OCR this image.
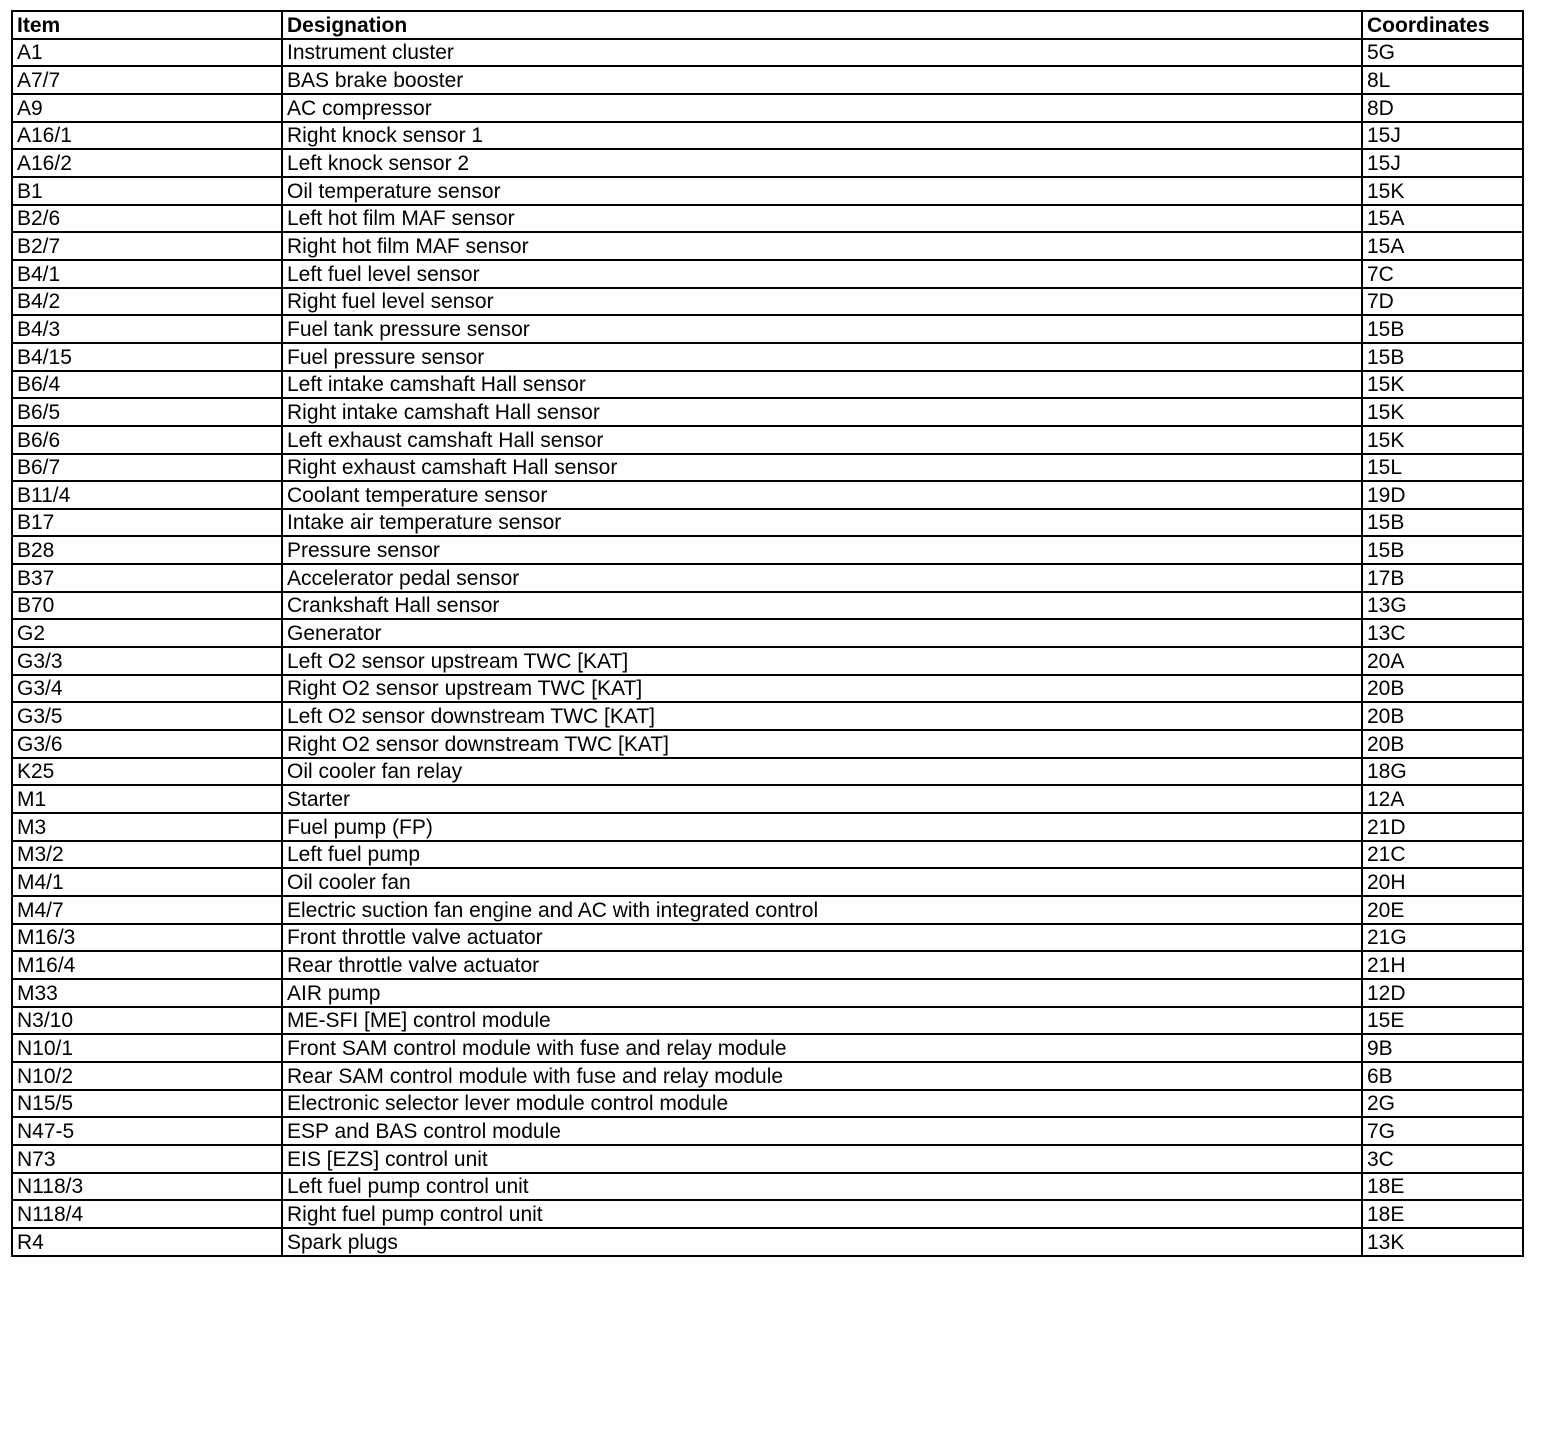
Item	Designation	Coordinates
A1	Instrument cluster	5G
A7/7	BAS brake booster	8L
A9	AC compressor	8D
A16/1	Right knock sensor 1	15J
A16/2	Left knock sensor 2	15J
B1	Oil temperature sensor	15K
B2/6	Left hot film MAF sensor	15A
B2/7	Right hot film MAF sensor	15A
B4/1	Left fuel level sensor	7C
B4/2	Right fuel level sensor	7D
B4/3	Fuel tank pressure sensor	15B
B4/15	Fuel pressure sensor	15B
B6/4	Left intake camshaft Hall sensor	15K
B6/5	Right intake camshaft Hall sensor	15K
B6/6	Left exhaust camshaft Hall sensor	15K
B6/7	Right exhaust camshaft Hall sensor	15L
B11/4	Coolant temperature sensor	19D
B17	Intake air temperature sensor	15B
B28	Pressure sensor	15B
B37	Accelerator pedal sensor	17B
B70	Crankshaft Hall sensor	13G
G2	Generator	13C
G3/3	Left O2 sensor upstream TWC [KAT]	20A
G3/4	Right O2 sensor upstream TWC [KAT]	20B
G3/5	Left O2 sensor downstream TWC [KAT]	20B
G3/6	Right O2 sensor downstream TWC [KAT]	20B
K25	Oil cooler fan relay	18G
M1	Starter	12A
M3	Fuel pump (FP)	21D
M3/2	Left fuel pump	21C
M4/1	Oil cooler fan	20H
M4/7	Electric suction fan engine and AC with integrated control	20E
M16/3	Front throttle valve actuator	21G
M16/4	Rear throttle valve actuator	21H
M33	AIR pump	12D
N3/10	ME-SFI [ME] control module	15E
N10/1	Front SAM control module with fuse and relay module	9B
N10/2	Rear SAM control module with fuse and relay module	6B
N15/5	Electronic selector lever module control module	2G
N47-5	ESP and BAS control module	7G
N73	EIS [EZS] control unit	3C
N118/3	Left fuel pump control unit	18E
N118/4	Right fuel pump control unit	18E
R4	Spark plugs	13K
